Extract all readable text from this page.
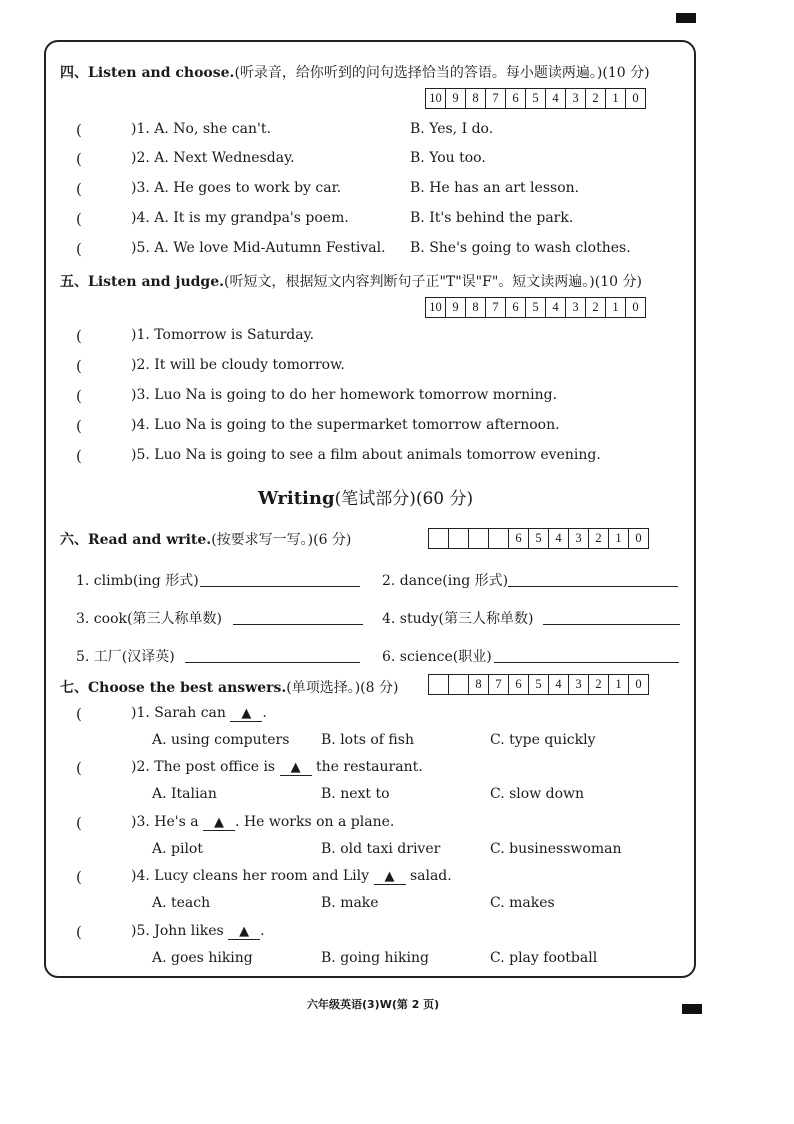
四、Listen and choose.(听录音，给你听到的问句选择恰当的答语。每小题读两遍。)(10 分)
10 9	8	7	6	5	4	3	2	1	0
(	)1. A. No, she can't.	B. Yes, I do.
(	)2. A. Next Wednesday.	B. You too.
(	)3. A. He goes to work by car.	B. He has an art lesson.
(	)4. A. It is my grandpa's poem.	B. It's behind the park.
(	)5. A. We love Mid-Autumn Festival. B. She's going to wash clothes.
五、Listen and judge.(听短文，根据短文内容判断句子正"T"误"F"。短文读两遍。)(10 分)
10 9	8	7	6	5	4	3	2	1	0
(	)1. Tomorrow is Saturday.
(	)2. It will be cloudy tomorrow.
(	)3. Luo Na is going to do her homework tomorrow morning.
(	)4. Luo Na is going to the supermarket tomorrow afternoon.
(	)5. Luo Na is going to see a film about animals tomorrow evening.
Writing(笔试部分)(60 分)
六、Read and write.(按要求写一写。)(6 分)	6	5	4	3	2	1	0
1. climb(ing 形式)	2. dance(ing 形式)
3. cook(第三人称单数)	4. study(第三人称单数)
5. 工厂(汉译英)	6. science(职业)
七、Choose the best answers.(单项选择。)(8 分)	8	7	6	5	4	3	2	1	0
(	)1. Sarah can ▲ .
A. using computers B. lots of fish	C. type quickly
(	)2. The post office is ▲ the restaurant.
A. Italian	B. next to	C. slow down
(	)3. He's a ▲ . He works on a plane.
A. pilot	B. old taxi driver	C. businesswoman
(	)4. Lucy cleans her room and Lily ▲ salad.
A. teach	B. make	C. makes
(	)5. John likes ▲ .
A. goes hiking	B. going hiking	C. play football
六年级英语(3)W(第 2 页)
